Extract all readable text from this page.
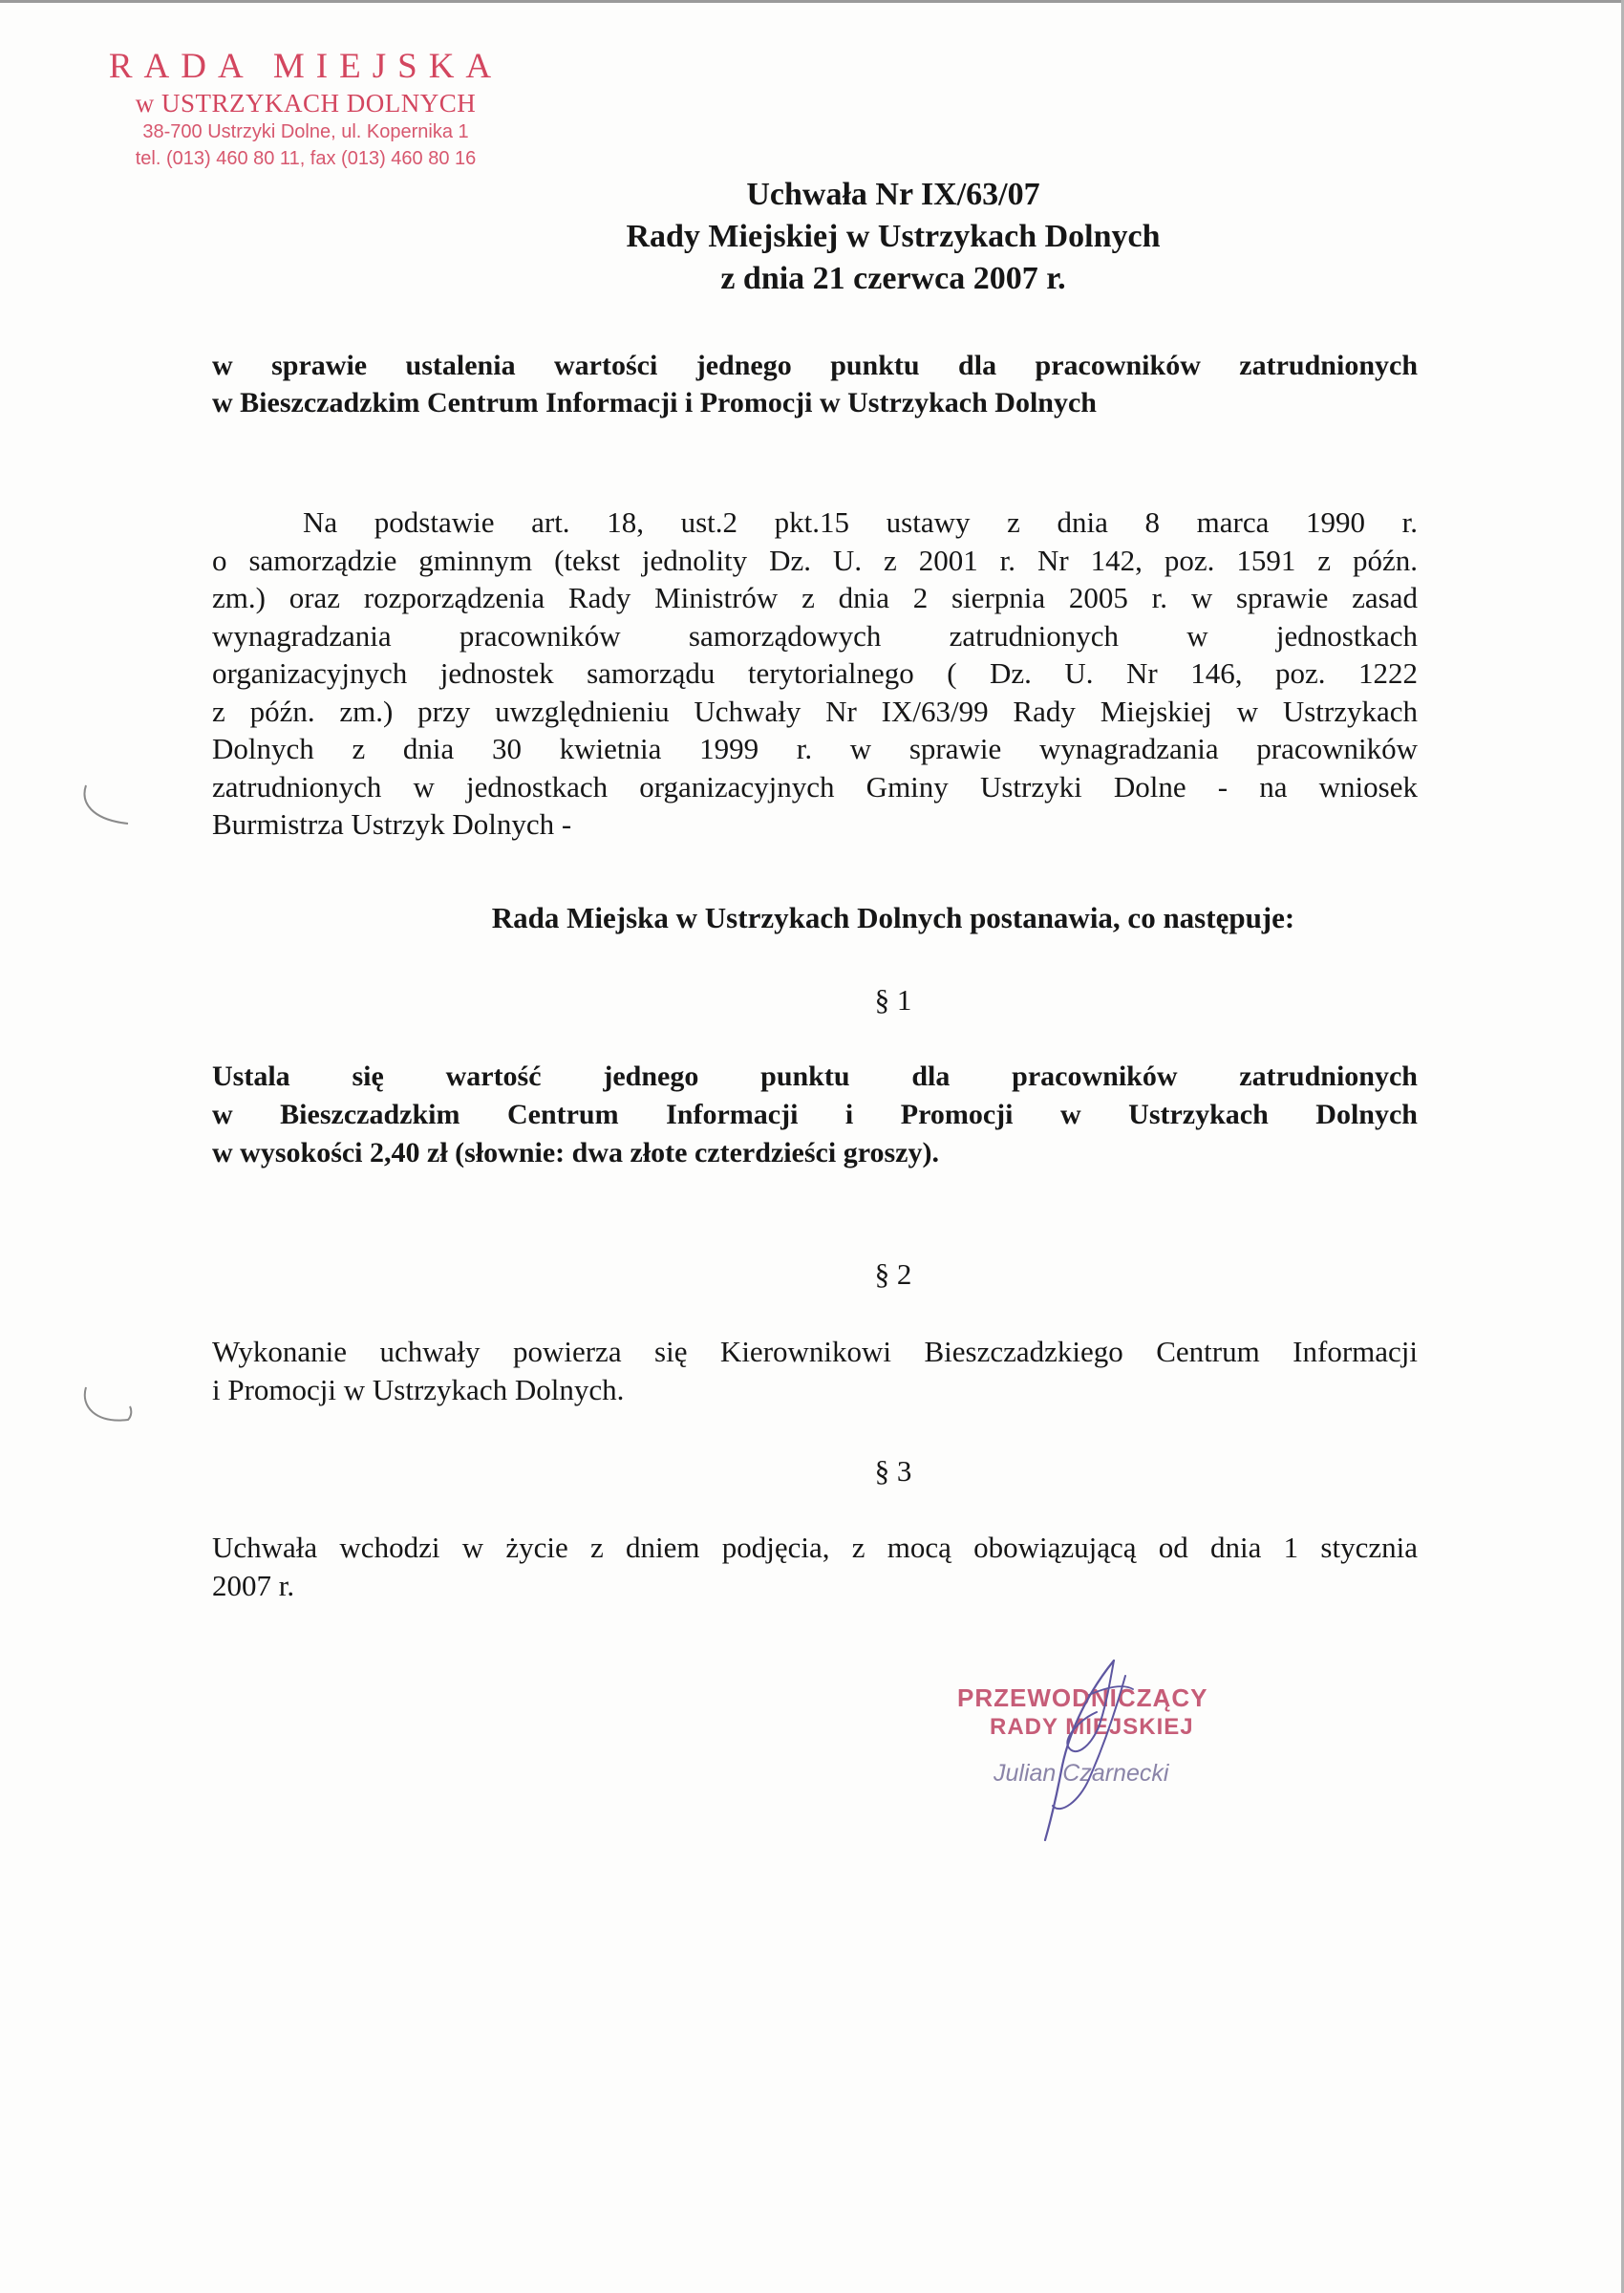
RADA MIEJSKA
w USTRZYKACH DOLNYCH
38-700 Ustrzyki Dolne, ul. Kopernika 1
tel. (013) 460 80 11, fax (013) 460 80 16
Uchwała Nr IX/63/07
Rady Miejskiej w Ustrzykach Dolnych
z dnia 21 czerwca 2007 r.
w sprawie ustalenia wartości jednego punktu dla pracowników zatrudnionych
w Bieszczadzkim Centrum Informacji i Promocji w Ustrzykach Dolnych
Na podstawie art. 18, ust.2 pkt.15 ustawy z dnia 8 marca 1990 r.
o samorządzie gminnym (tekst jednolity Dz. U. z 2001 r. Nr 142, poz. 1591 z późn.
zm.) oraz rozporządzenia Rady Ministrów z dnia 2 sierpnia 2005 r. w sprawie zasad
wynagradzania pracowników samorządowych zatrudnionych w jednostkach
organizacyjnych jednostek samorządu terytorialnego ( Dz. U. Nr 146, poz. 1222
z późn. zm.) przy uwzględnieniu Uchwały Nr IX/63/99 Rady Miejskiej w Ustrzykach
Dolnych z dnia 30 kwietnia 1999 r. w sprawie wynagradzania pracowników
zatrudnionych w jednostkach organizacyjnych Gminy Ustrzyki Dolne - na wniosek
Burmistrza Ustrzyk Dolnych -
Rada Miejska w Ustrzykach Dolnych postanawia, co następuje:
§ 1
Ustala się wartość jednego punktu dla pracowników zatrudnionych
w Bieszczadzkim Centrum Informacji i Promocji w Ustrzykach Dolnych
w wysokości 2,40 zł (słownie: dwa złote czterdzieści groszy).
§ 2
Wykonanie uchwały powierza się Kierownikowi Bieszczadzkiego Centrum Informacji
i Promocji w Ustrzykach Dolnych.
§ 3
Uchwała wchodzi w życie z dniem podjęcia, z mocą obowiązującą od dnia 1 stycznia
2007 r.
PRZEWODNICZĄCY
RADY MIEJSKIEJ
Julian Czarnecki
